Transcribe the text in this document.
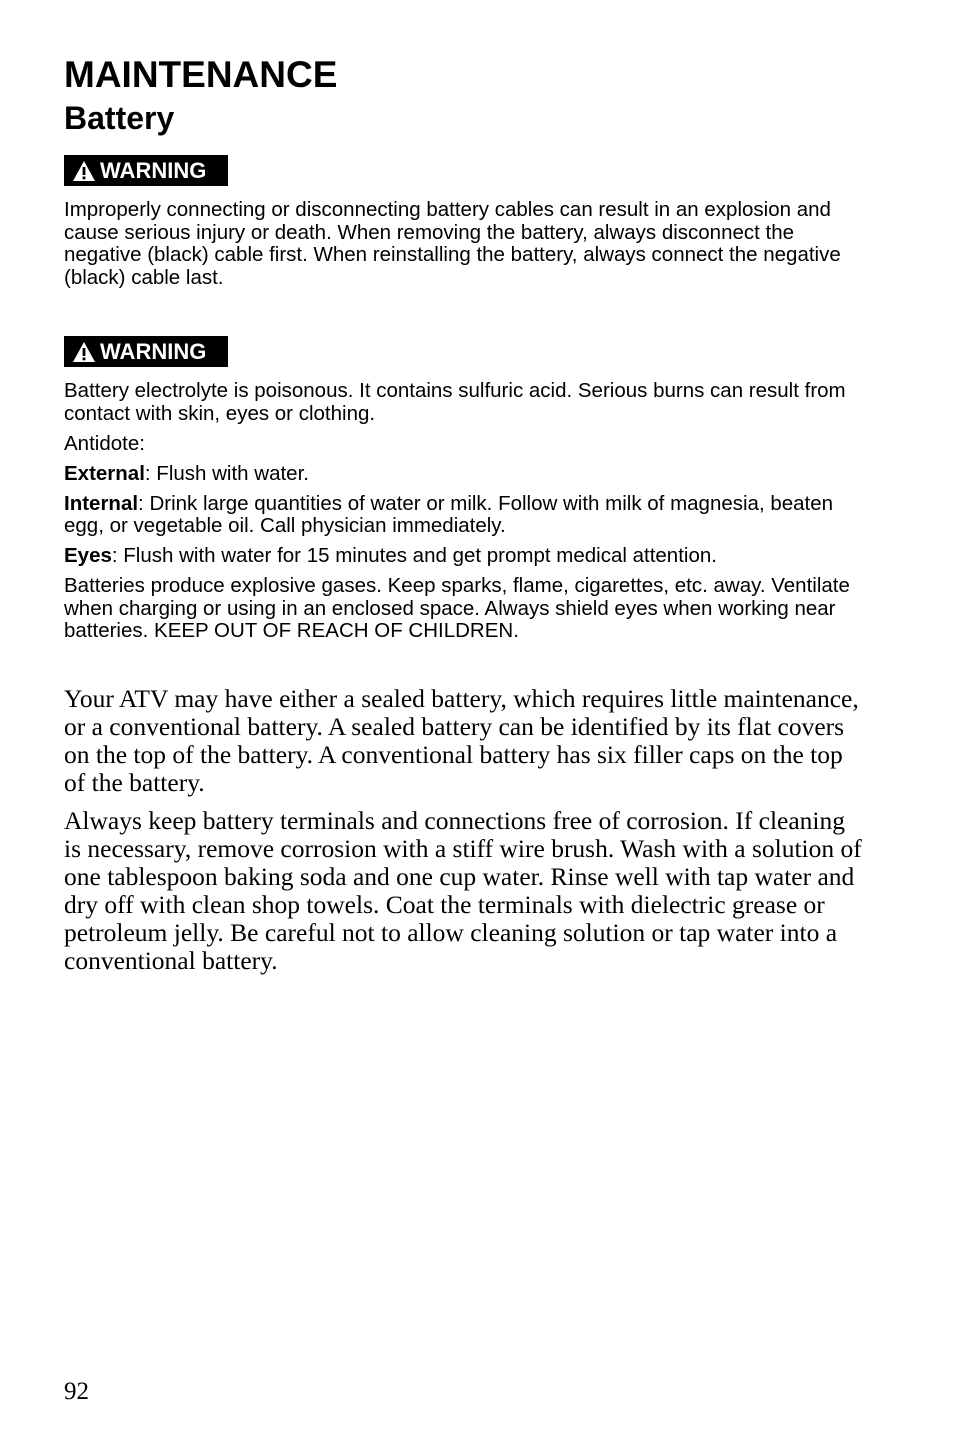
MAINTENANCE
Battery
WARNING

Improperly connecting or disconnecting battery cables can result in an explosion and cause serious injury or death. When removing the battery, always disconnect the negative (black) cable first. When reinstalling the battery, always connect the negative (black) cable last.

WARNING

Battery electrolyte is poisonous. It contains sulfuric acid. Serious burns can result from contact with skin, eyes or clothing.

Antidote:

External: Flush with water.

Internal: Drink large quantities of water or milk. Follow with milk of magnesia, beaten egg, or vegetable oil. Call physician immediately.

Eyes: Flush with water for 15 minutes and get prompt medical attention.

Batteries produce explosive gases. Keep sparks, flame, cigarettes, etc. away. Ventilate when charging or using in an enclosed space. Always shield eyes when working near batteries. KEEP OUT OF REACH OF CHILDREN.

Your ATV may have either a sealed battery, which requires little maintenance, or a conventional battery. A sealed battery can be identified by its flat covers on the top of the battery. A conventional battery has six filler caps on the top of the battery.

Always keep battery terminals and connections free of corrosion. If cleaning is necessary, remove corrosion with a stiff wire brush. Wash with a solution of one tablespoon baking soda and one cup water. Rinse well with tap water and dry off with clean shop towels. Coat the terminals with dielectric grease or petroleum jelly. Be careful not to allow cleaning solution or tap water into a conventional battery.

92
